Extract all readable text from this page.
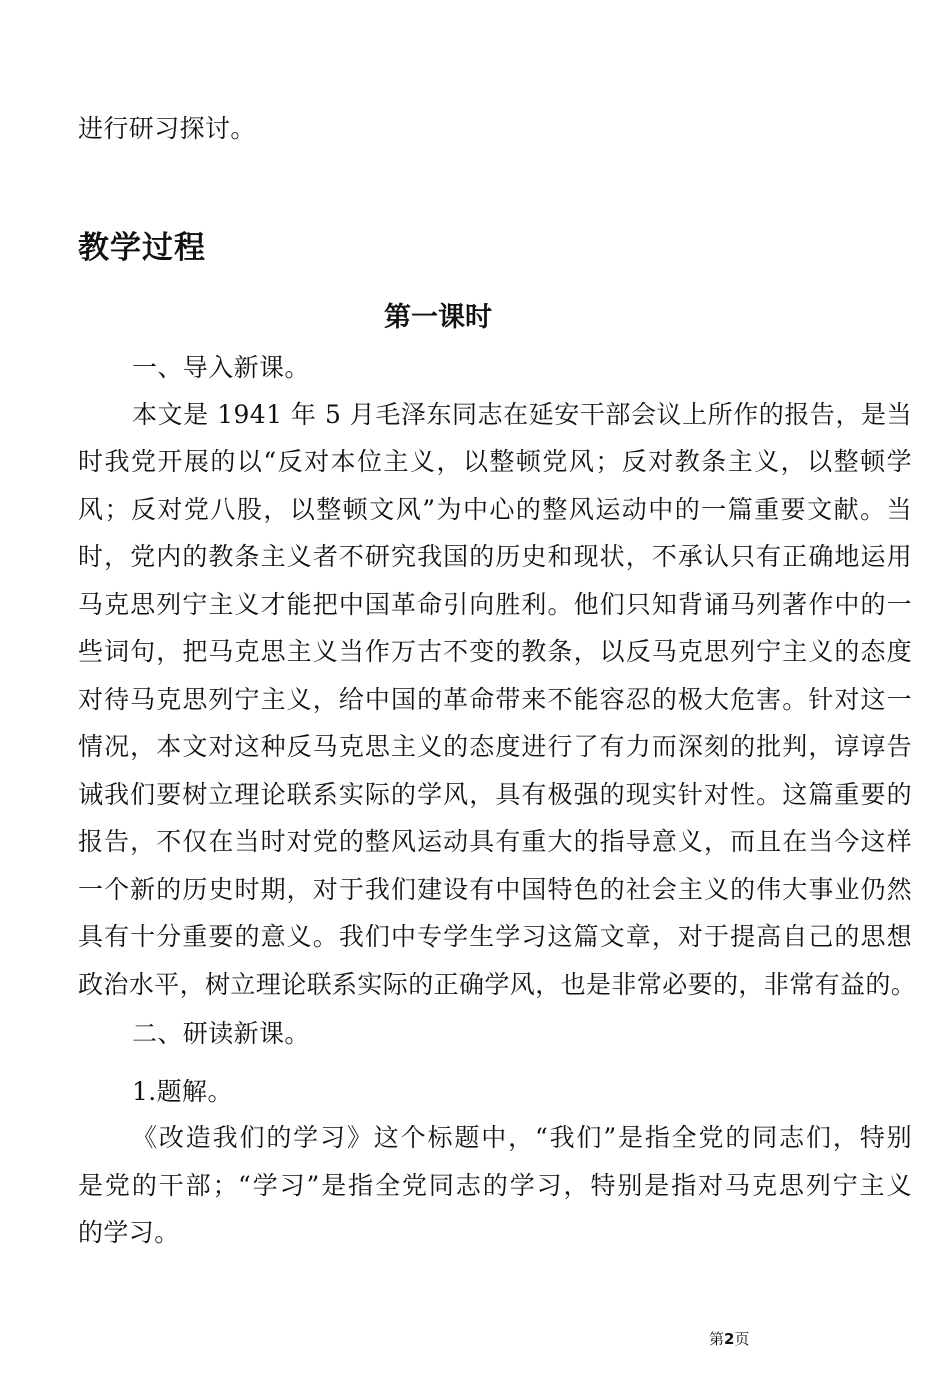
进行研习探讨。
教学过程
第一课时
一、导入新课。
本文是 1941 年 5 月毛泽东同志在延安干部会议上所作的报告，是当
时我党开展的以“反对本位主义，以整顿党风；反对教条主义，以整顿学
风；反对党八股，以整顿文风”为中心的整风运动中的一篇重要文献。当
时，党内的教条主义者不研究我国的历史和现状，不承认只有正确地运用
马克思列宁主义才能把中国革命引向胜利。他们只知背诵马列著作中的一
些词句，把马克思主义当作万古不变的教条，以反马克思列宁主义的态度
对待马克思列宁主义，给中国的革命带来不能容忍的极大危害。针对这一
情况，本文对这种反马克思主义的态度进行了有力而深刻的批判，谆谆告
诫我们要树立理论联系实际的学风，具有极强的现实针对性。这篇重要的
报告，不仅在当时对党的整风运动具有重大的指导意义，而且在当今这样
一个新的历史时期，对于我们建设有中国特色的社会主义的伟大事业仍然
具有十分重要的意义。我们中专学生学习这篇文章，对于提高自己的思想
政治水平，树立理论联系实际的正确学风，也是非常必要的，非常有益的。
二、研读新课。
1.题解。
《改造我们的学习》这个标题中，“我们”是指全党的同志们，特别
是党的干部；“学习”是指全党同志的学习，特别是指对马克思列宁主义
的学习。
第2页
